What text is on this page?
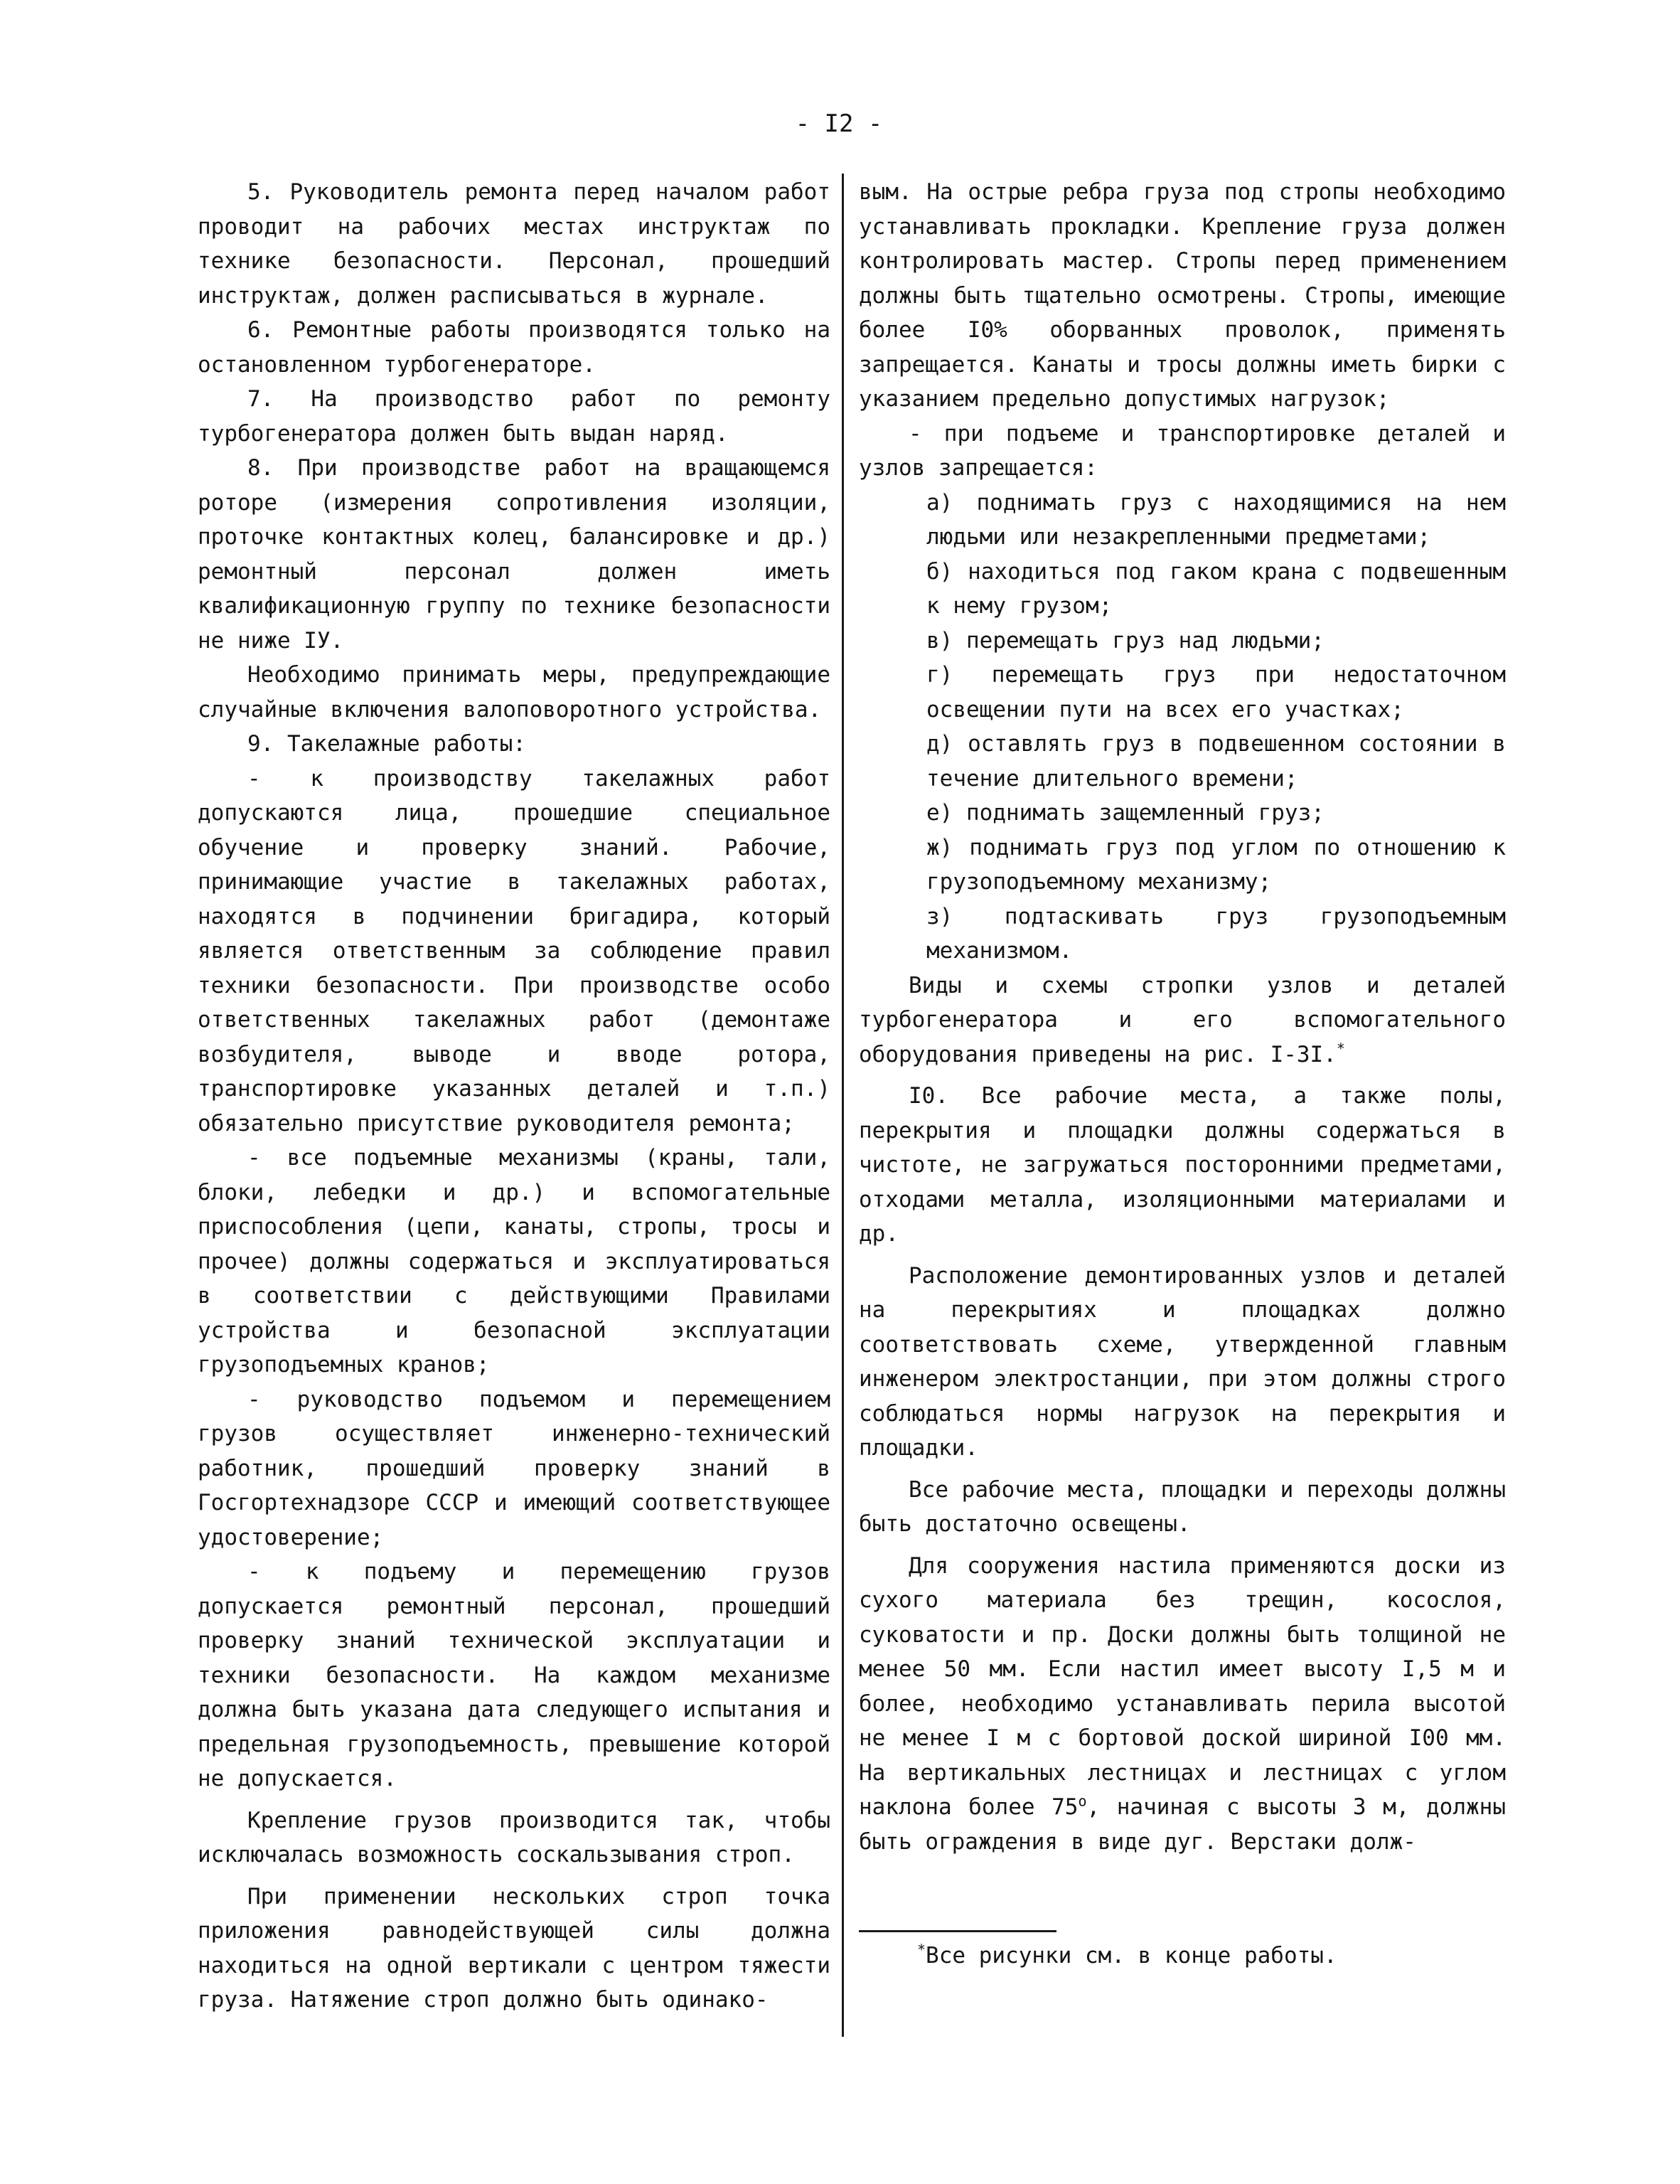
- I2 -

5. Руководитель ремонта перед началом работ проводит на рабочих местах инструктаж по технике безопасности. Персонал, прошедший инструктаж, должен расписываться в журнале.

6. Ремонтные работы производятся только на остановленном турбогенераторе.

7. На производство работ по ремонту турбогенератора должен быть выдан наряд.

8. При производстве работ на вращающемся роторе (измерения сопротивления изоляции, проточке контактных колец, балансировке и др.) ремонтный персонал должен иметь квалификационную группу по технике безопасности не ниже IУ.

Необходимо принимать меры, предупреждающие случайные включения валоповоротного устройства.

9. Такелажные работы:

- к производству такелажных работ допускаются лица, прошедшие специальное обучение и проверку знаний. Рабочие, принимающие участие в такелажных работах, находятся в подчинении бригадира, который является ответственным за соблюдение правил техники безопасности. При производстве особо ответственных такелажных работ (демонтаже возбудителя, выводе и вводе ротора, транспортировке указанных деталей и т.п.) обязательно присутствие руководителя ремонта;

- все подъемные механизмы (краны, тали, блоки, лебедки и др.) и вспомогательные приспособления (цепи, канаты, стропы, тросы и прочее) должны содержаться и эксплуатироваться в соответствии с действующими Правилами устройства и безопасной эксплуатации грузоподъемных кранов;

- руководство подъемом и перемещением грузов осуществляет инженерно-технический работник, прошедший проверку знаний в Госгортехнадзоре СССР и имеющий соответствующее удостоверение;

- к подъему и перемещению грузов допускается ремонтный персонал, прошедший проверку знаний технической эксплуатации и техники безопасности. На каждом механизме должна быть указана дата следующего испытания и предельная грузоподъемность, превышение которой не допускается.

Крепление грузов производится так, чтобы исключалась возможность соскальзывания строп.

При применении нескольких строп точка приложения равнодействующей силы должна находиться на одной вертикали с центром тяжести груза. Натяжение строп должно быть одинако-

вым. На острые ребра груза под стропы необходимо устанавливать прокладки. Крепление груза должен контролировать мастер. Стропы перед применением должны быть тщательно осмотрены. Стропы, имеющие более I0% оборванных проволок, применять запрещается. Канаты и тросы должны иметь бирки с указанием предельно допустимых нагрузок;

- при подъеме и транспортировке деталей и узлов запрещается:

а) поднимать груз с находящимися на нем людьми или незакрепленными предметами;

б) находиться под гаком крана с подвешенным к нему грузом;

в) перемещать груз над людьми;

г) перемещать груз при недостаточном освещении пути на всех его участках;

д) оставлять груз в подвешенном состоянии в течение длительного времени;

е) поднимать защемленный груз;

ж) поднимать груз под углом по отношению к грузоподъемному механизму;

з) подтаскивать груз грузоподъемным механизмом.

Виды и схемы стропки узлов и деталей турбогенератора и его вспомогательного оборудования приведены на рис. I-3I.*

I0. Все рабочие места, а также полы, перекрытия и площадки должны содержаться в чистоте, не загружаться посторонними предметами, отходами металла, изоляционными материалами и др.

Расположение демонтированных узлов и деталей на перекрытиях и площадках должно соответствовать схеме, утвержденной главным инженером электростанции, при этом должны строго соблюдаться нормы нагрузок на перекрытия и площадки.

Все рабочие места, площадки и переходы должны быть достаточно освещены.

Для сооружения настила применяются доски из сухого материала без трещин, косослоя, суковатости и пр. Доски должны быть толщиной не менее 50 мм. Если настил имеет высоту I,5 м и более, необходимо устанавливать перила высотой не менее I м с бортовой доской шириной I00 мм. На вертикальных лестницах и лестницах с углом наклона более 75$^o$, начиная с высоты 3 м, должны быть ограждения в виде дуг. Верстаки долж-

*Все рисунки см. в конце работы.
